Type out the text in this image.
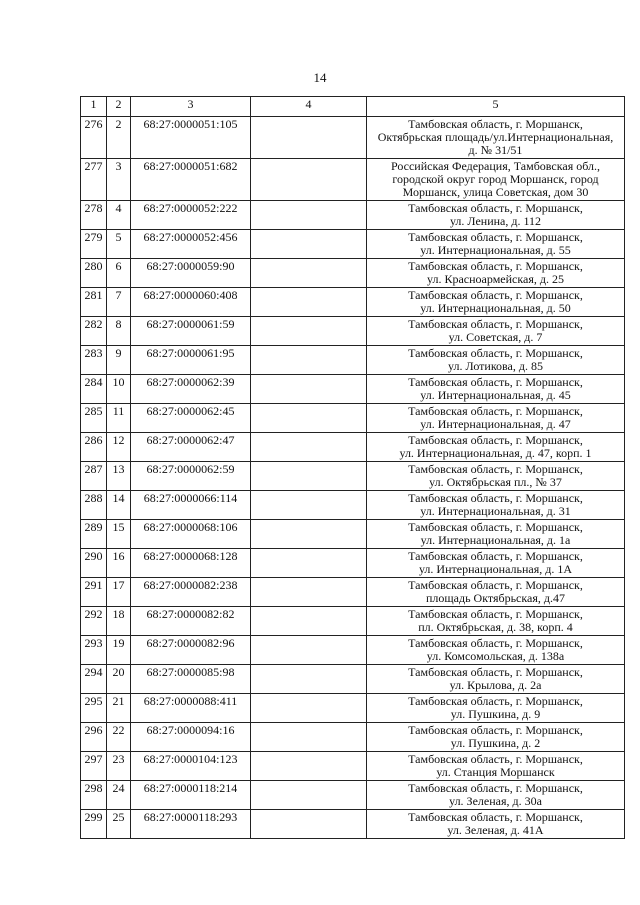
14
1	2	3	4	5
276	2	68:27:0000051:105		Тамбовская область, г. Моршанск,
Октябрьская площадь/ул.Интернациональная,
д. № 31/51

277	3	68:27:0000051:682		Российская Федерация, Тамбовская обл.,
городской округ город Моршанск, город
Моршанск, улица Советская, дом 30

278	4	68:27:0000052:222		Тамбовская область, г. Моршанск,
ул. Ленина, д. 112

279	5	68:27:0000052:456		Тамбовская область, г. Моршанск,
ул. Интернациональная, д. 55

280	6	68:27:0000059:90		Тамбовская область, г. Моршанск,
ул. Красноармейская, д. 25

281	7	68:27:0000060:408		Тамбовская область, г. Моршанск,
ул. Интернациональная, д. 50

282	8	68:27:0000061:59		Тамбовская область, г. Моршанск,
ул. Советская, д. 7

283	9	68:27:0000061:95		Тамбовская область, г. Моршанск,
ул. Лотикова, д. 85

284	10	68:27:0000062:39		Тамбовская область, г. Моршанск,
ул. Интернациональная, д. 45

285	11	68:27:0000062:45		Тамбовская область, г. Моршанск,
ул. Интернациональная, д. 47

286	12	68:27:0000062:47		Тамбовская область, г. Моршанск,
ул. Интернациональная, д. 47, корп. 1

287	13	68:27:0000062:59		Тамбовская область, г. Моршанск,
ул. Октябрьская пл., № 37

288	14	68:27:0000066:114		Тамбовская область, г. Моршанск,
ул. Интернациональная, д. 31

289	15	68:27:0000068:106		Тамбовская область, г. Моршанск,
ул. Интернациональная, д. 1а

290	16	68:27:0000068:128		Тамбовская область, г. Моршанск,
ул. Интернациональная, д. 1А

291	17	68:27:0000082:238		Тамбовская область, г. Моршанск,
площадь Октябрьская, д.47

292	18	68:27:0000082:82		Тамбовская область, г. Моршанск,
пл. Октябрьская, д. 38, корп. 4

293	19	68:27:0000082:96		Тамбовская область, г. Моршанск,
ул. Комсомольская, д. 138а

294	20	68:27:0000085:98		Тамбовская область, г. Моршанск,
ул. Крылова, д. 2а

295	21	68:27:0000088:411		Тамбовская область, г. Моршанск,
ул. Пушкина, д. 9

296	22	68:27:0000094:16		Тамбовская область, г. Моршанск,
ул. Пушкина, д. 2

297	23	68:27:0000104:123		Тамбовская область, г. Моршанск,
ул. Станция Моршанск

298	24	68:27:0000118:214		Тамбовская область, г. Моршанск,
ул. Зеленая, д. 30а

299	25	68:27:0000118:293		Тамбовская область, г. Моршанск,
ул. Зеленая, д. 41А
